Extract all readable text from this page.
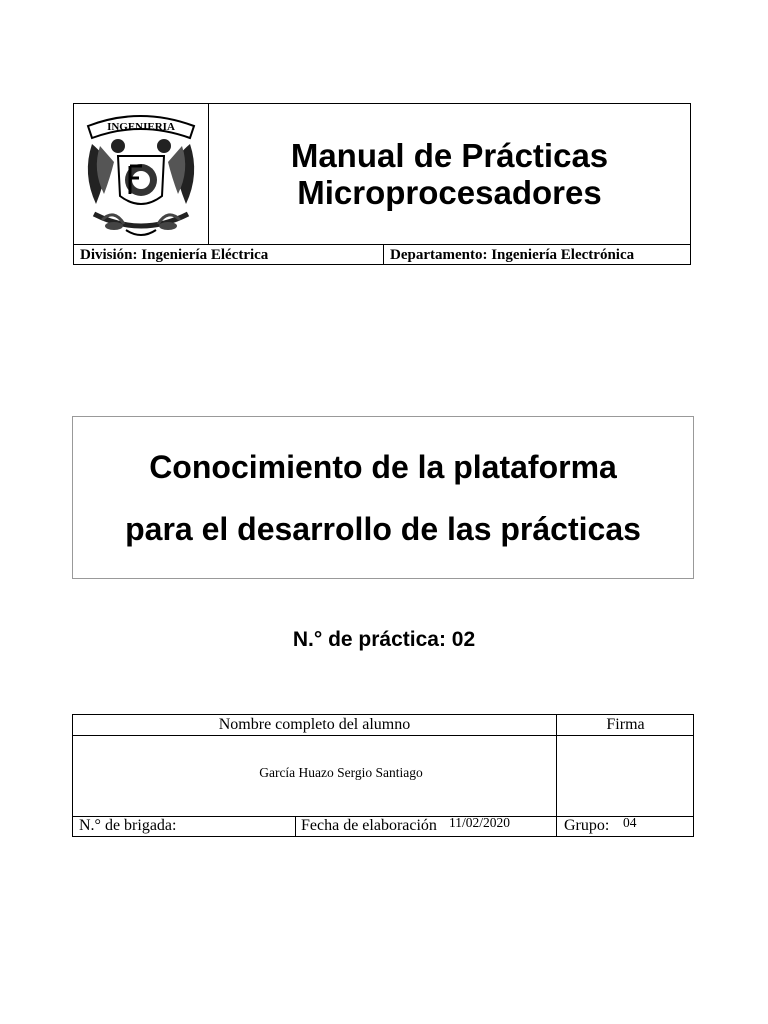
INGENIERIA
Manual de Prácticas
Microprocesadores
División: Ingeniería Eléctrica	Departamento: Ingeniería Electrónica
Conocimiento de la plataforma
para el desarrollo de las prácticas
N.° de práctica: 02
Nombre completo del alumno	Firma
García Huazo Sergio Santiago
N.° de brigada:	Fecha de elaboración 11/02/2020	Grupo: 04
